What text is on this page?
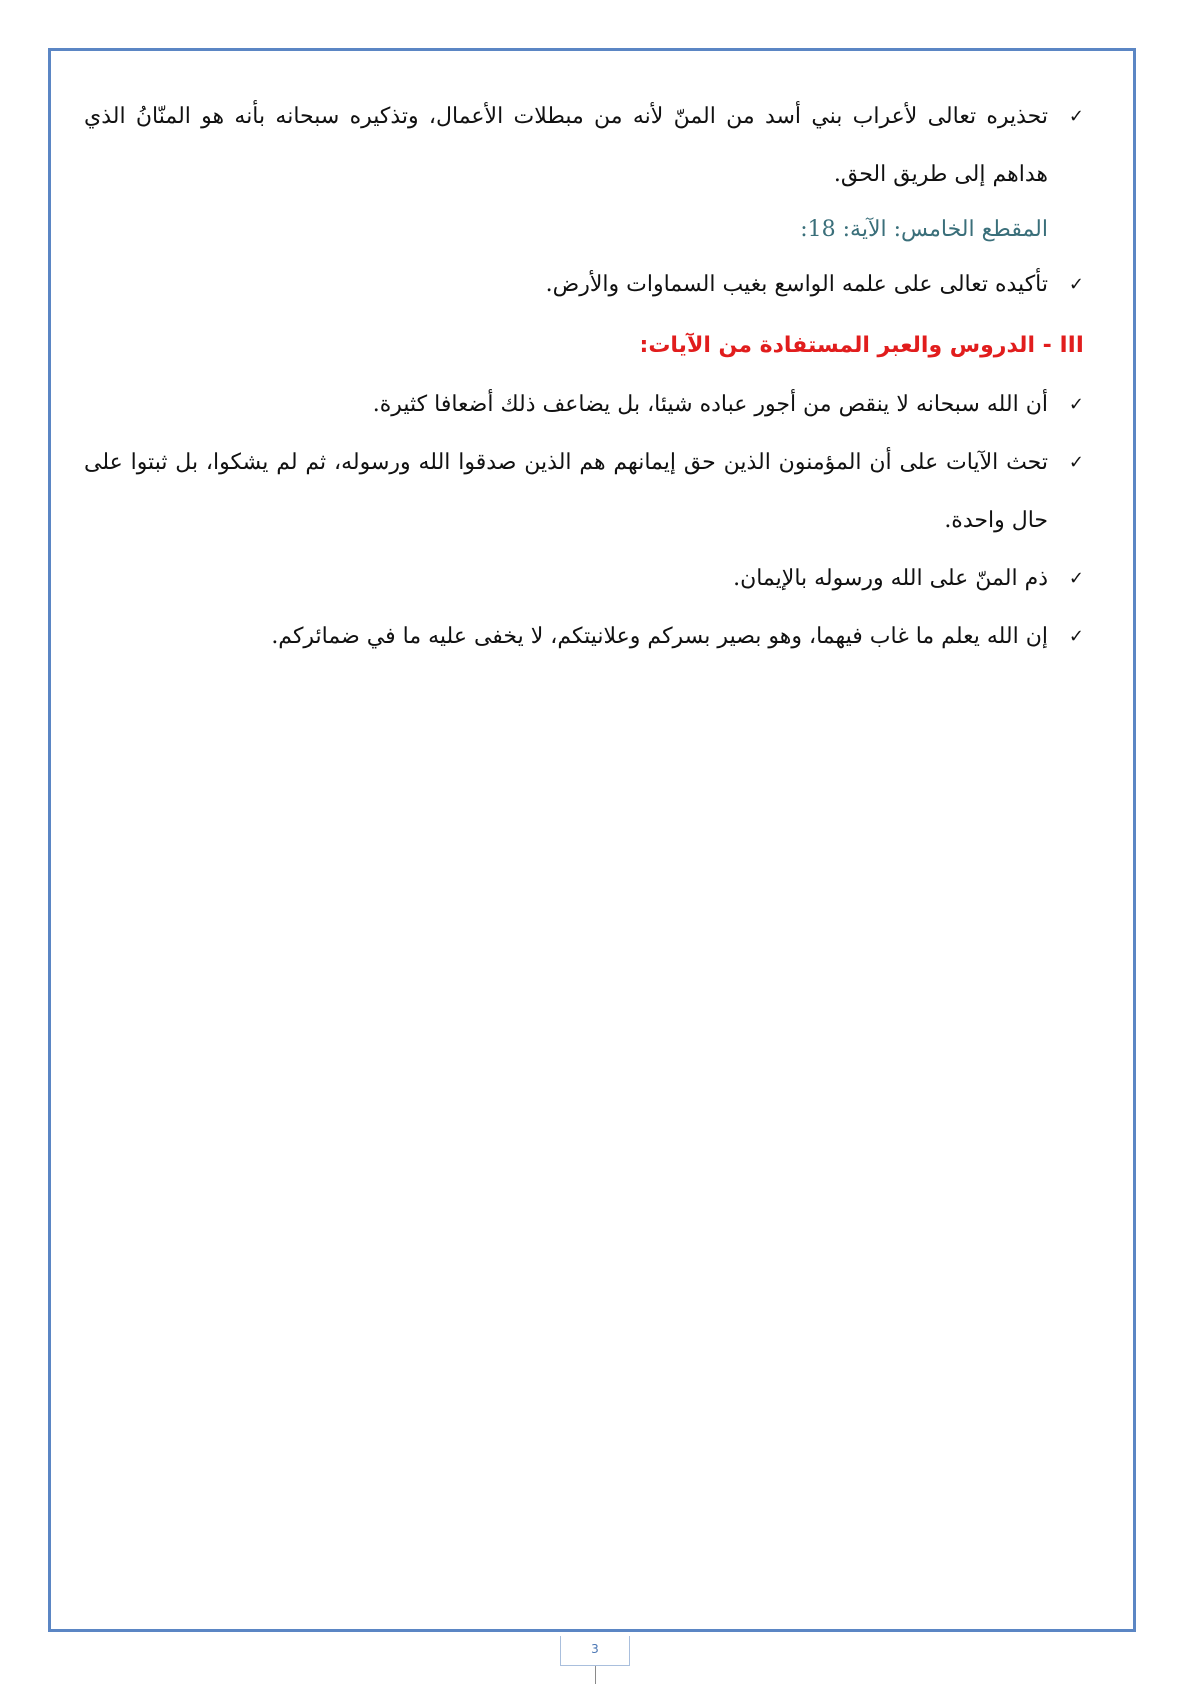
✓
تحذيره تعالى لأعراب بني أسد من المنّ لأنه من مبطلات الأعمال، وتذكيره سبحانه بأنه هو المنّانُ الذي هداهم إلى طريق الحق.
المقطع الخامس: الآية: 18:
✓
تأكيده تعالى على علمه الواسع بغيب السماوات والأرض.
III - الدروس والعبر المستفادة من الآيات:
✓
أن الله سبحانه لا ينقص من أجور عباده شيئا، بل يضاعف ذلك أضعافا كثيرة.
✓
تحث الآيات على أن المؤمنون الذين حق إيمانهم هم الذين صدقوا الله ورسوله، ثم لم يشكوا، بل ثبتوا على حال واحدة.
✓
ذم المنّ على الله ورسوله بالإيمان.
✓
إن الله يعلم ما غاب فيهما، وهو بصير بسركم وعلانيتكم، لا يخفى عليه ما في ضمائركم.
3
